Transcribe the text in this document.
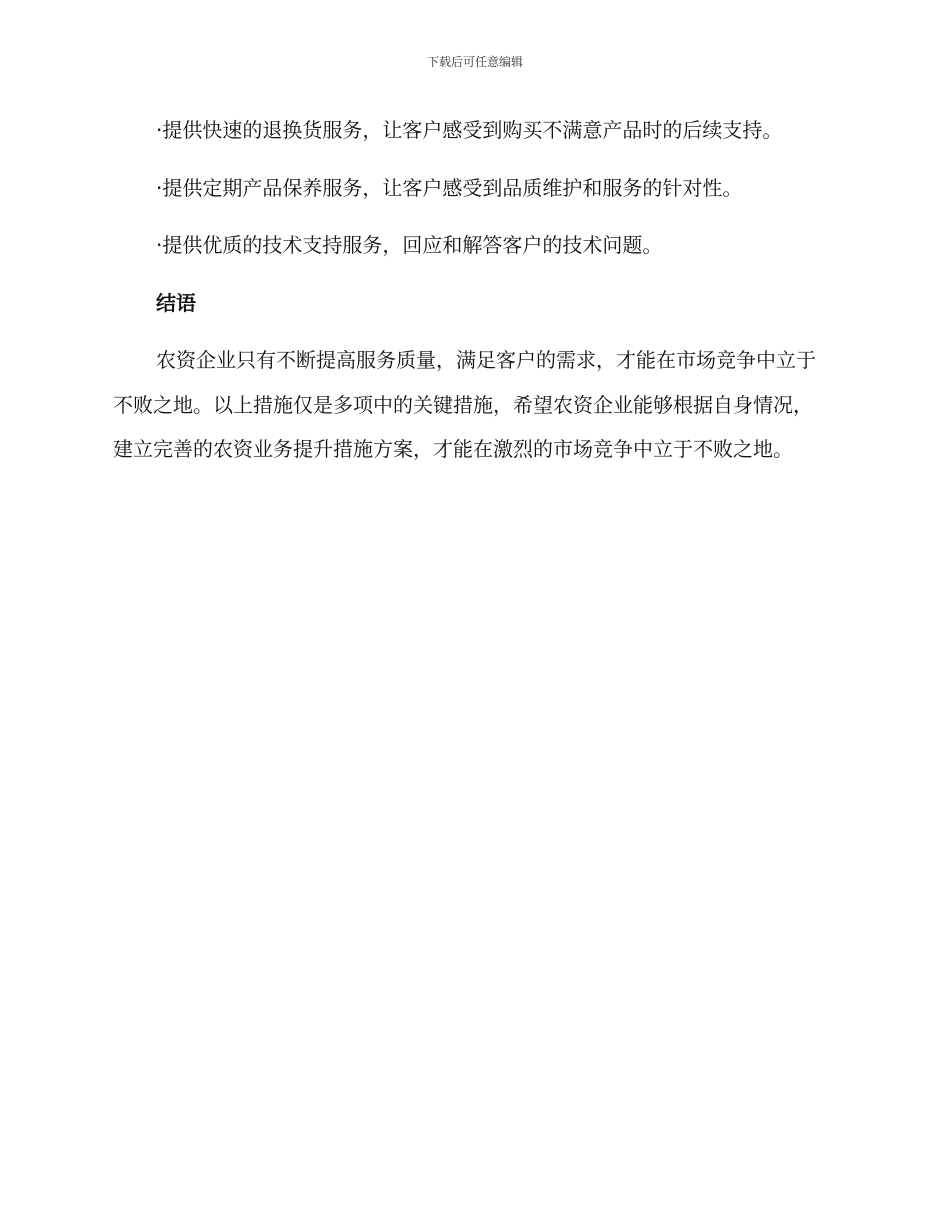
下载后可任意编辑

·提供快速的退换货服务，让客户感受到购买不满意产品时的后续支持。

·提供定期产品保养服务，让客户感受到品质维护和服务的针对性。

·提供优质的技术支持服务，回应和解答客户的技术问题。

结语

农资企业只有不断提高服务质量，满足客户的需求，才能在市场竞争中立于不败之地。以上措施仅是多项中的关键措施，希望农资企业能够根据自身情况，建立完善的农资业务提升措施方案，才能在激烈的市场竞争中立于不败之地。
